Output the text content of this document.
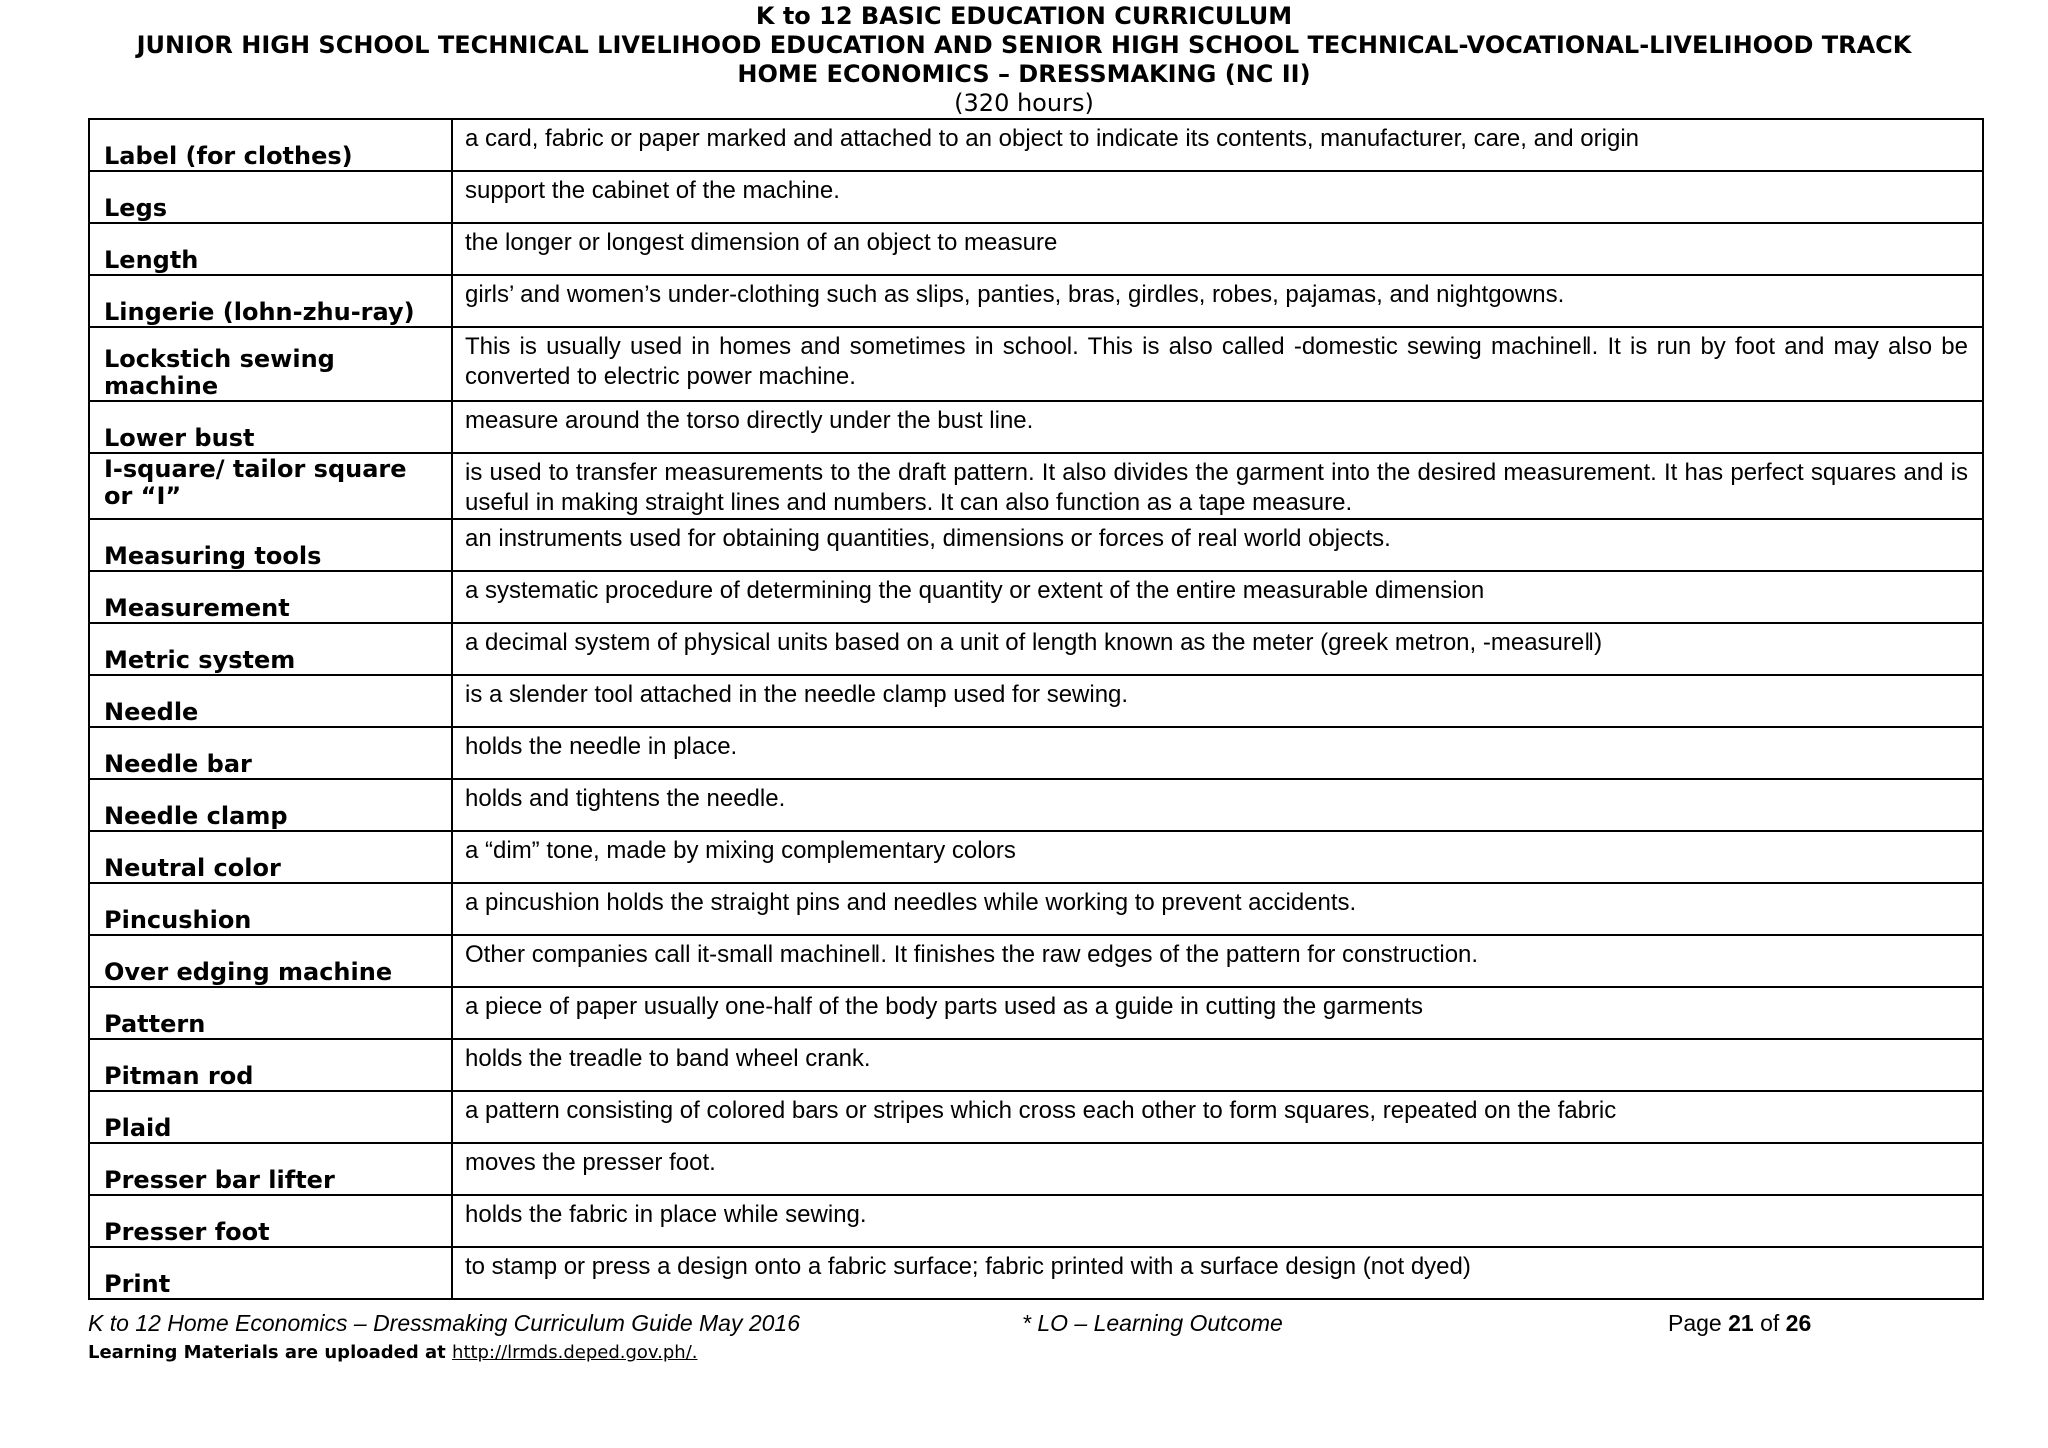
K to 12 BASIC EDUCATION CURRICULUM
JUNIOR HIGH SCHOOL TECHNICAL LIVELIHOOD EDUCATION AND SENIOR HIGH SCHOOL TECHNICAL-VOCATIONAL-LIVELIHOOD TRACK
HOME ECONOMICS – DRESSMAKING (NC II)
(320 hours)
Label (for clothes)	a card, fabric or paper marked and attached to an object to indicate its contents, manufacturer, care, and origin
Legs	support the cabinet of the machine.
Length	the longer or longest dimension of an object to measure
Lingerie (lohn-zhu-ray)	girls’ and women’s under-clothing such as slips, panties, bras, girdles, robes, pajamas, and nightgowns.
Lockstich sewing machine	This is usually used in homes and sometimes in school. This is also called -domestic sewing machine‖. It is run by foot and may also be converted to electric power machine.
Lower bust	measure around the torso directly under the bust line.
I-square/ tailor square or “I”	is used to transfer measurements to the draft pattern. It also divides the garment into the desired measurement. It has perfect squares and is useful in making straight lines and numbers. It can also function as a tape measure.
Measuring tools	an instruments used for obtaining quantities, dimensions or forces of real world objects.
Measurement	a systematic procedure of determining the quantity or extent of the entire measurable dimension
Metric system	a decimal system of physical units based on a unit of length known as the meter (greek metron, -measure‖)
Needle	is a slender tool attached in the needle clamp used for sewing.
Needle bar	holds the needle in place.
Needle clamp	holds and tightens the needle.
Neutral color	a “dim” tone, made by mixing complementary colors
Pincushion	a pincushion holds the straight pins and needles while working to prevent accidents.
Over edging machine	Other companies call it-small machine‖. It finishes the raw edges of the pattern for construction.
Pattern	a piece of paper usually one-half of the body parts used as a guide in cutting the garments
Pitman rod	holds the treadle to band wheel crank.
Plaid	a pattern consisting of colored bars or stripes which cross each other to form squares, repeated on the fabric
Presser bar lifter	moves the presser foot.
Presser foot	holds the fabric in place while sewing.
Print	to stamp or press a design onto a fabric surface; fabric printed with a surface design (not dyed)
K to 12 Home Economics – Dressmaking Curriculum Guide May 2016	* LO – Learning Outcome	Page 21 of 26
Learning Materials are uploaded at http://lrmds.deped.gov.ph/.
